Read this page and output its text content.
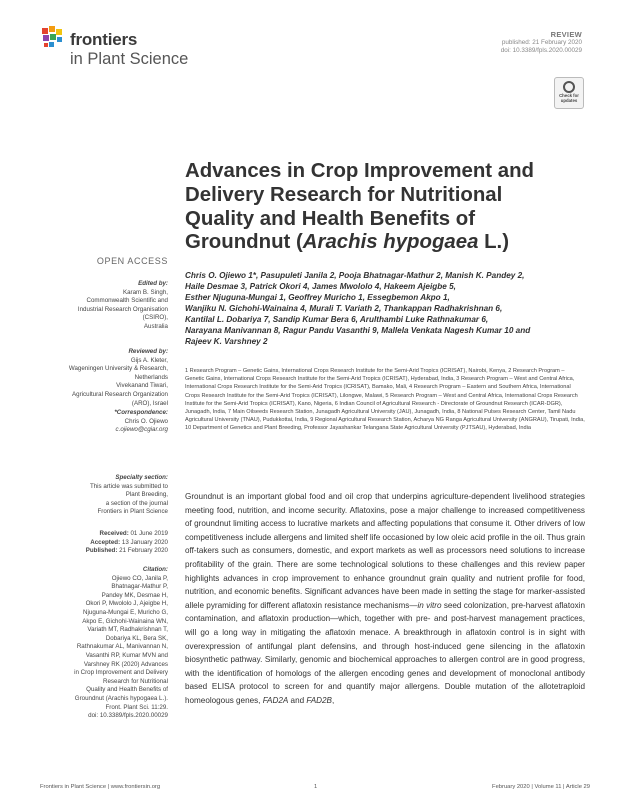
frontiers
in Plant Science
REVIEW
published: 21 February 2020
doi: 10.3389/fpls.2020.00029
Check for
updates
Advances in Crop Improvement and
Delivery Research for Nutritional
Quality and Health Benefits of
Groundnut (Arachis hypogaea L.)
OPEN ACCESS
Edited by:
Karam B. Singh,
Commonwealth Scientific and
Industrial Research Organisation
(CSIRO),
Australia
Reviewed by:
Gijs A. Kleter,
Wageningen University & Research,
Netherlands
Vivekanand Tiwari,
Agricultural Research Organization
(ARO), Israel
*Correspondence:
Chris O. Ojiewo
c.ojiewo@cgiar.org
Specialty section:
This article was submitted to
Plant Breeding,
a section of the journal
Frontiers in Plant Science
Received: 01 June 2019
Accepted: 13 January 2020
Published: 21 February 2020
Citation:
Ojiewo CO, Janila P,
Bhatnagar-Mathur P,
Pandey MK, Desmae H,
Okori P, Mwololo J, Ajeigbe H,
Njuguna-Mungai E, Muricho G,
Akpo E, Gichohi-Wainaina WN,
Variath MT, Radhakrishnan T,
Dobariya KL, Bera SK,
Rathnakumar AL, Manivannan N,
Vasanthi RP, Kumar MVN and
Varshney RK (2020) Advances
in Crop Improvement and Delivery
Research for Nutritional
Quality and Health Benefits of
Groundnut (Arachis hypogaea L.).
Front. Plant Sci. 11:29.
doi: 10.3389/fpls.2020.00029
Chris O. Ojiewo 1*, Pasupuleti Janila 2, Pooja Bhatnagar-Mathur 2, Manish K. Pandey 2,
Haile Desmae 3, Patrick Okori 4, James Mwololo 4, Hakeem Ajeigbe 5,
Esther Njuguna-Mungai 1, Geoffrey Muricho 1, Essegbemon Akpo 1,
Wanjiku N. Gichohi-Wainaina 4, Murali T. Variath 2, Thankappan Radhakrishnan 6,
Kantilal L. Dobariya 7, Sandip Kumar Bera 6, Arulthambi Luke Rathnakumar 6,
Narayana Manivannan 8, Ragur Pandu Vasanthi 9, Mallela Venkata Nagesh Kumar 10 and
Rajeev K. Varshney 2
1 Research Program – Genetic Gains, International Crops Research Institute for the Semi-Arid Tropics (ICRISAT), Nairobi, Kenya, 2 Research Program – Genetic Gains, International Crops Research Institute for the Semi-Arid Tropics (ICRISAT), Hyderabad, India, 3 Research Program – West and Central Africa, International Crops Research Institute for the Semi-Arid Tropics (ICRISAT), Bamako, Mali, 4 Research Program – Eastern and Southern Africa, International Crops Research Institute for the Semi-Arid Tropics (ICRISAT), Lilongwe, Malawi, 5 Research Program – West and Central Africa, International Crops Research Institute for the Semi-Arid Tropics (ICRISAT), Kano, Nigeria, 6 Indian Council of Agricultural Research - Directorate of Groundnut Research (ICAR-DGR), Junagadh, India, 7 Main Oilseeds Research Station, Junagadh Agricultural University (JAU), Junagadh, India, 8 National Pulses Research Center, Tamil Nadu Agricultural University (TNAU), Pudukkottai, India, 9 Regional Agricultural Research Station, Acharya NG Ranga Agricultural University (ANGRAU), Tirupati, India, 10 Department of Genetics and Plant Breeding, Professor Jayashankar Telangana State Agricultural University (PJTSAU), Hyderabad, India
Groundnut is an important global food and oil crop that underpins agriculture-dependent livelihood strategies meeting food, nutrition, and income security. Aflatoxins, pose a major challenge to increased competitiveness of groundnut limiting access to lucrative markets and affecting populations that consume it. Other drivers of low competitiveness include allergens and limited shelf life occasioned by low oleic acid profile in the oil. Thus grain off-takers such as consumers, domestic, and export markets as well as processors need solutions to increase profitability of the grain. There are some technological solutions to these challenges and this review paper highlights advances in crop improvement to enhance groundnut grain quality and nutrient profile for food, nutrition, and economic benefits. Significant advances have been made in setting the stage for marker-assisted allele pyramiding for different aflatoxin resistance mechanisms—in vitro seed colonization, pre-harvest aflatoxin contamination, and aflatoxin production—which, together with pre- and post-harvest management practices, will go a long way in mitigating the aflatoxin menace. A breakthrough in aflatoxin control is in sight with overexpression of antifungal plant defensins, and through host-induced gene silencing in the aflatoxin biosynthetic pathway. Similarly, genomic and biochemical approaches to allergen control are in good progress, with the identification of homologs of the allergen encoding genes and development of monoclonal antibody based ELISA protocol to screen for and quantify major allergens. Double mutation of the allotetraploid homeologous genes, FAD2A and FAD2B,
Frontiers in Plant Science | www.frontiersin.org	1	February 2020 | Volume 11 | Article 29
